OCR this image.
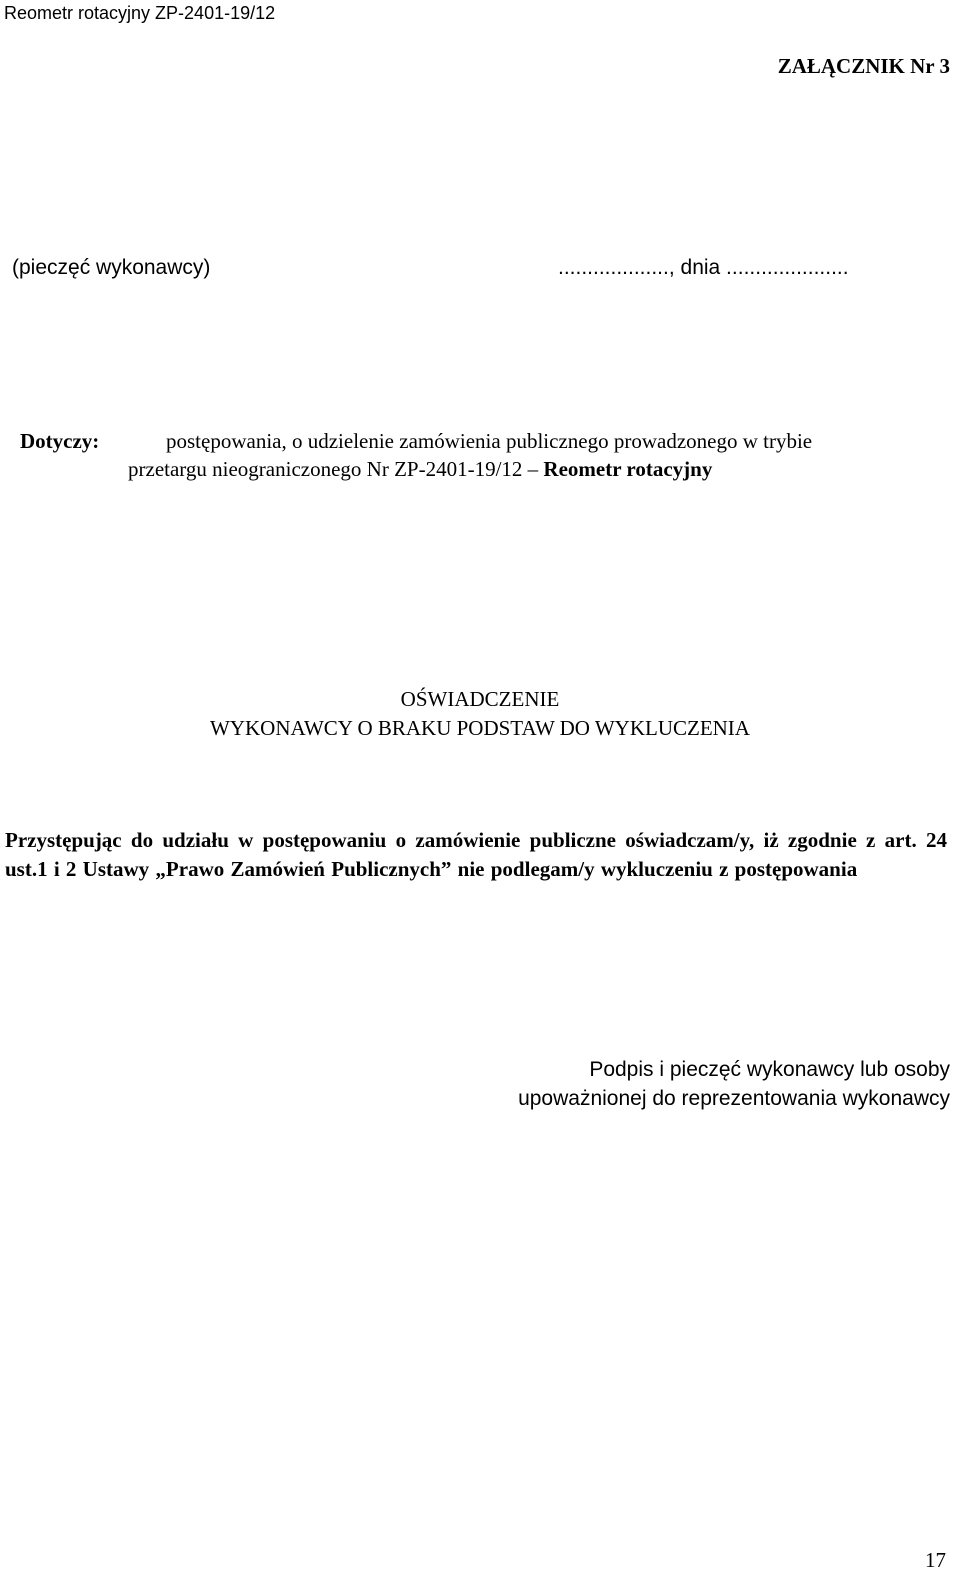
Reometr rotacyjny ZP-2401-19/12
ZAŁĄCZNIK Nr 3
(pieczęć wykonawcy)	..................., dnia .....................
Dotyczy:	postępowania, o udzielenie zamówienia publicznego prowadzonego w trybie
przetargu nieograniczonego Nr ZP-2401-19/12 – Reometr rotacyjny
OŚWIADCZENIE
WYKONAWCY O BRAKU PODSTAW DO WYKLUCZENIA
Przystępując do udziału w postępowaniu o zamówienie publiczne oświadczam/y, iż zgodnie z art. 24 ust.1 i 2 Ustawy „Prawo Zamówień Publicznych” nie podlegam/y wykluczeniu z postępowania
Podpis i pieczęć wykonawcy lub osoby
upoważnionej do reprezentowania wykonawcy
17
